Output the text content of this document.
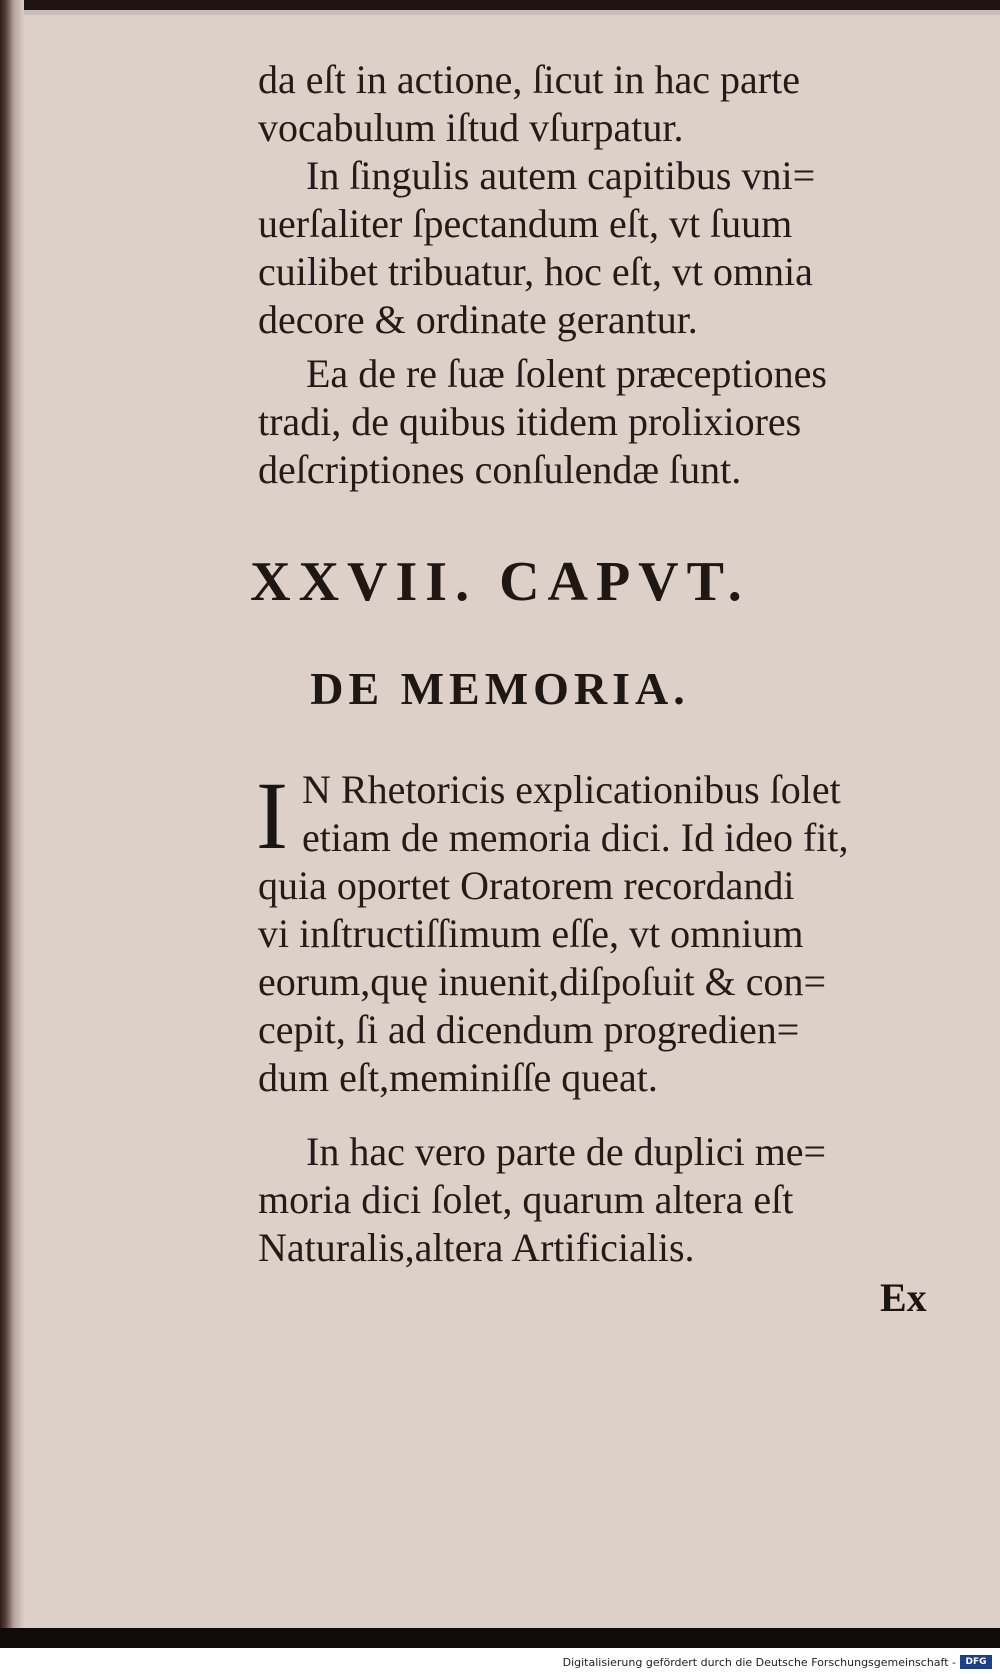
da eſt in actione, ſicut in hac parte

vocabulum iſtud vſurpatur.

In ſingulis autem capitibus vni=

uerſaliter ſpectandum eſt, vt ſuum

cuilibet tribuatur, hoc eſt, vt omnia

decore & ordinate gerantur.

Ea de re ſuæ ſolent præceptiones

tradi, de quibus itidem prolixiores

deſcriptiones conſulendæ ſunt.

XXVII. CAPVT.
DE MEMORIA.
I N Rhetoricis explicationibus ſolet

etiam de memoria dici. Id ideo fit,

quia oportet Oratorem recordandi

vi inſtructiſſimum eſſe, vt omnium

eorum,quę inuenit,diſpoſuit & con=

cepit, ſi ad dicendum progredien=

dum eſt,meminiſſe queat.

In hac vero parte de duplici me=

moria dici ſolet, quarum altera eſt

Naturalis,altera Artificialis.

Ex
Digitalisierung gefördert durch die Deutsche Forschungsgemeinschaft -	DFG
